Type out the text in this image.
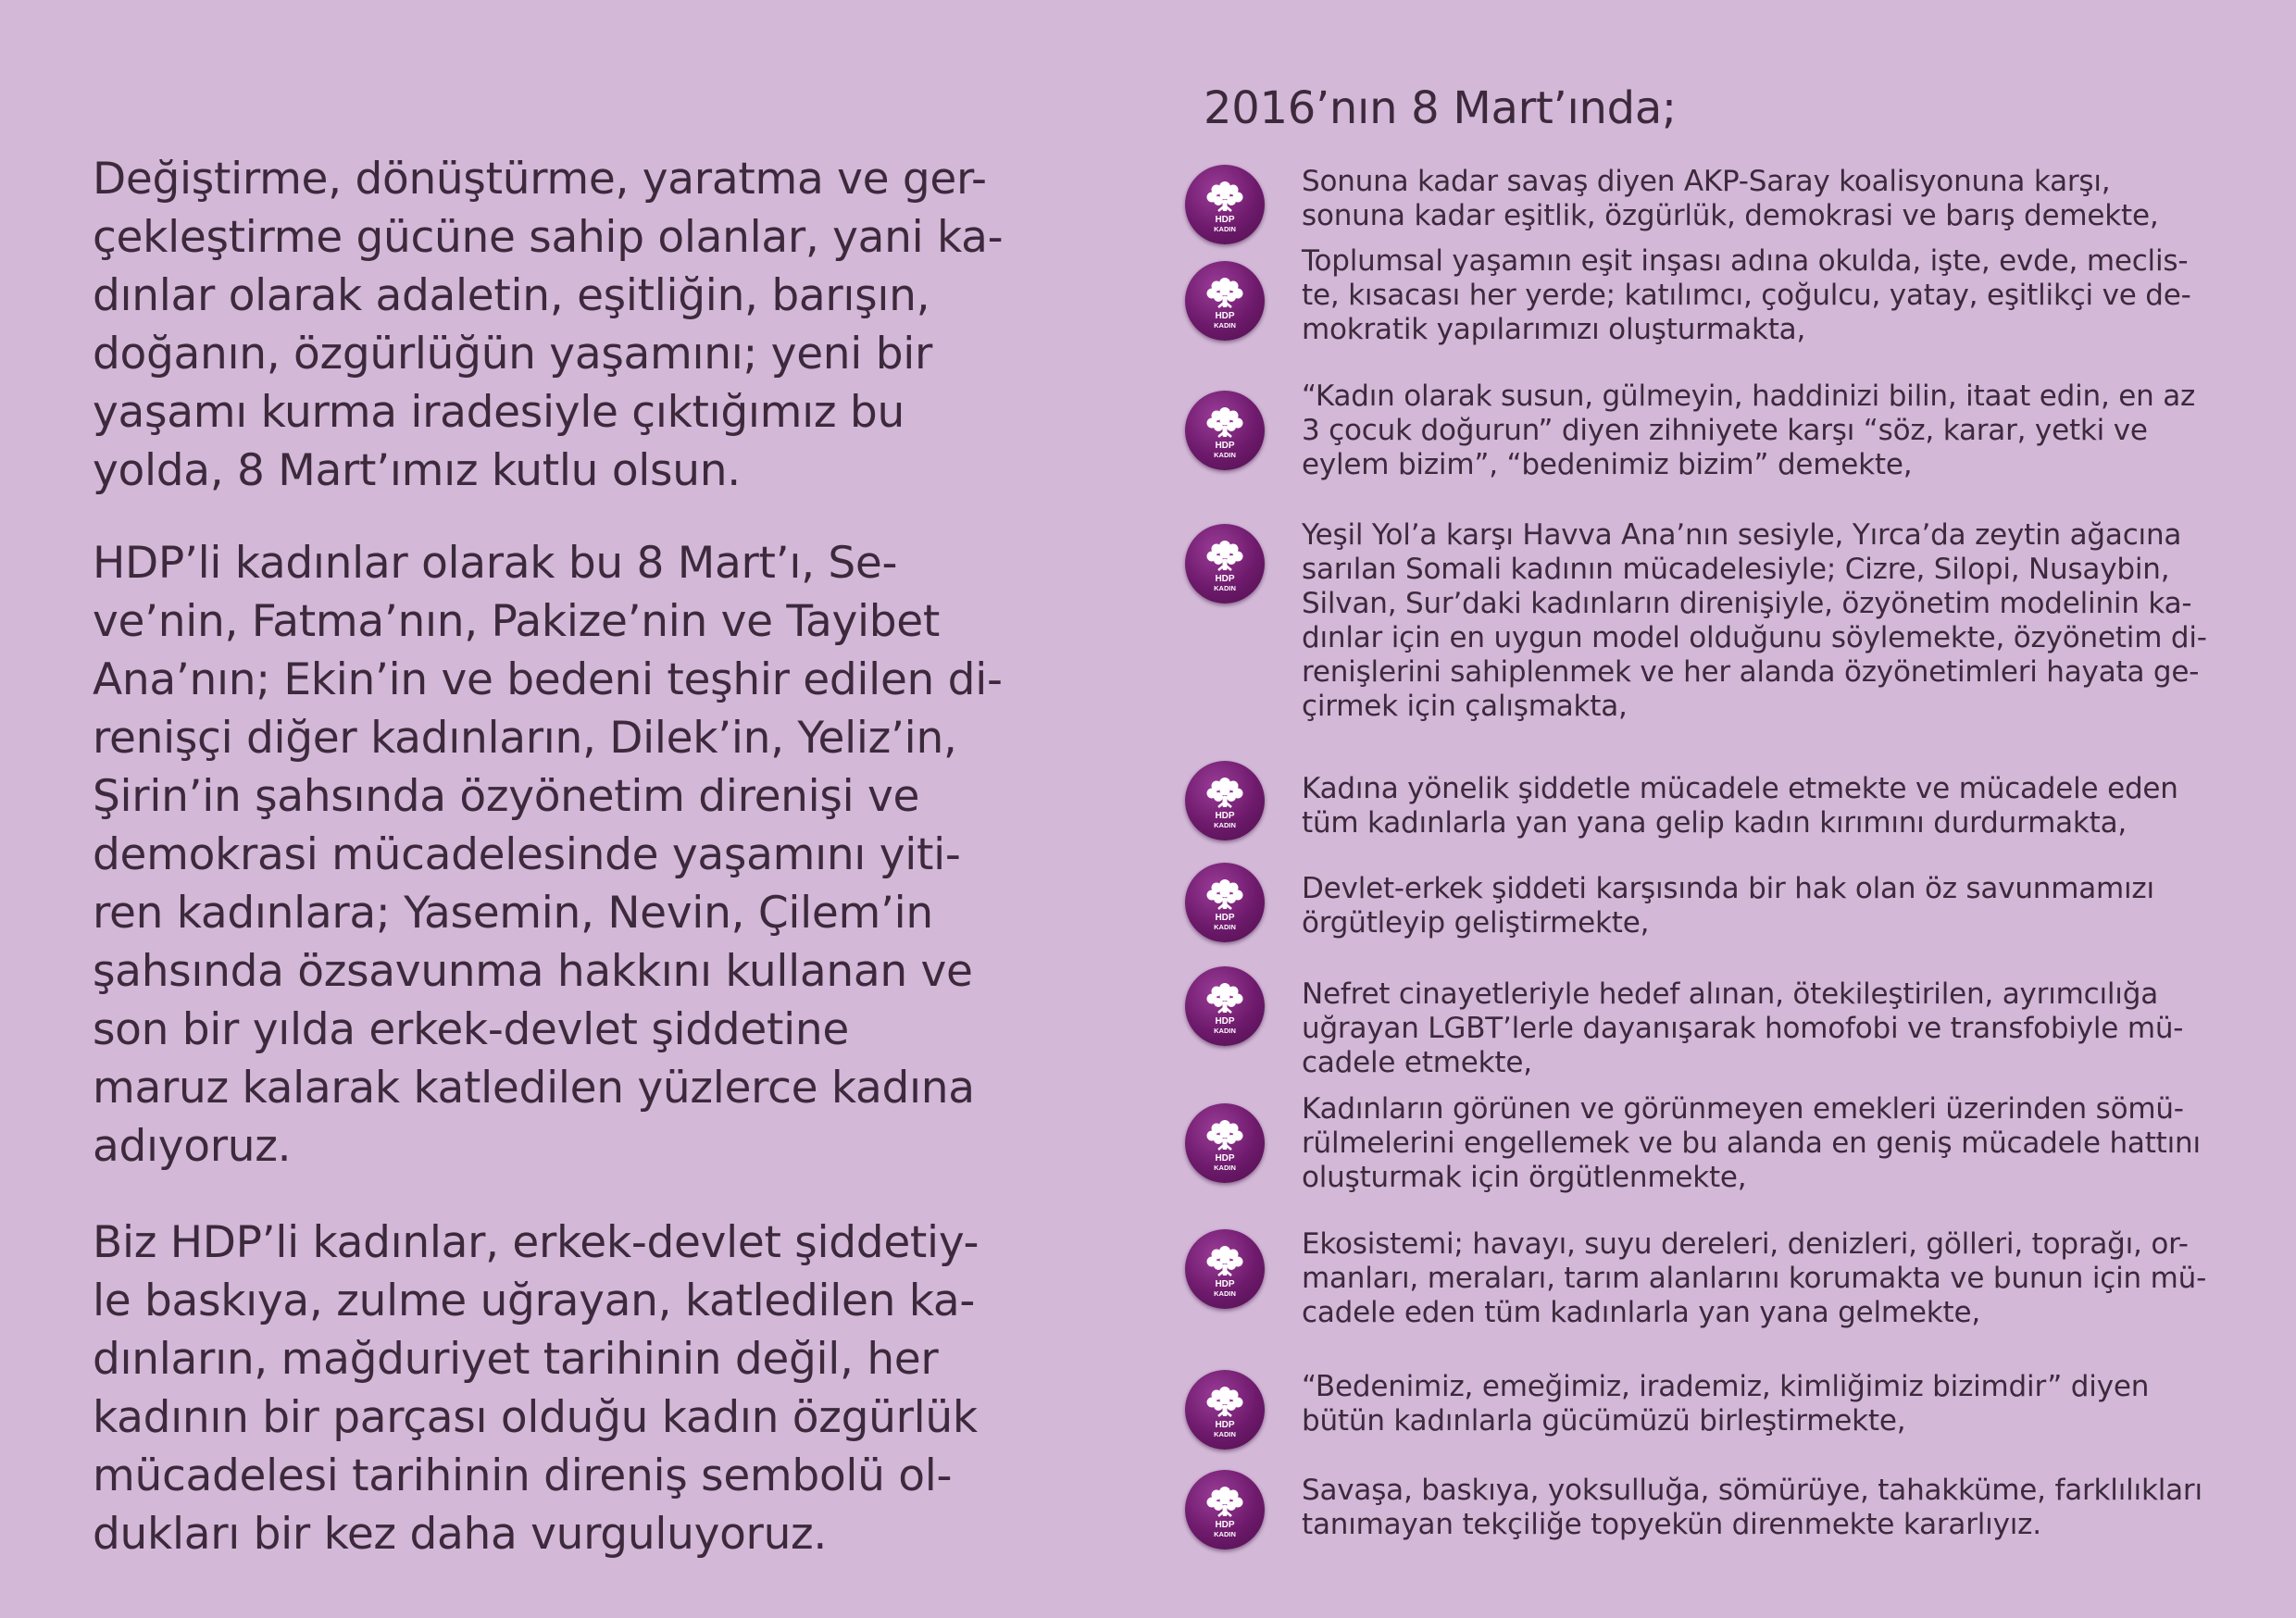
Değiştirme, dönüştürme, yaratma ve ger-
çekleştirme gücüne sahip olanlar, yani ka-
dınlar olarak adaletin, eşitliğin, barışın,
doğanın, özgürlüğün yaşamını; yeni bir
yaşamı kurma iradesiyle çıktığımız bu
yolda, 8 Mart’ımız kutlu olsun.

HDP’li kadınlar olarak bu 8 Mart’ı, Se-
ve’nin, Fatma’nın, Pakize’nin ve Tayibet
Ana’nın; Ekin’in ve bedeni teşhir edilen di-
renişçi diğer kadınların, Dilek’in, Yeliz’in,
Şirin’in şahsında özyönetim direnişi ve
demokrasi mücadelesinde yaşamını yiti-
ren kadınlara; Yasemin, Nevin, Çilem’in
şahsında özsavunma hakkını kullanan ve
son bir yılda erkek-devlet şiddetine
maruz kalarak katledilen yüzlerce kadına
adıyoruz.

Biz HDP’li kadınlar, erkek-devlet şiddetiy-
le baskıya, zulme uğrayan, katledilen ka-
dınların, mağduriyet tarihinin değil, her
kadının bir parçası olduğu kadın özgürlük
mücadelesi tarihinin direniş sembolü ol-
dukları bir kez daha vurguluyoruz.

2016’nın 8 Mart’ında;
HDP
KADIN
Sonuna kadar savaş diyen AKP-Saray koalisyonuna karşı,
sonuna kadar eşitlik, özgürlük, demokrasi ve barış demekte,
HDP
KADIN
Toplumsal yaşamın eşit inşası adına okulda, işte, evde, meclis-
te, kısacası her yerde; katılımcı, çoğulcu, yatay, eşitlikçi ve de-
mokratik yapılarımızı oluşturmakta,
HDP
KADIN
“Kadın olarak susun, gülmeyin, haddinizi bilin, itaat edin, en az
3 çocuk doğurun” diyen zihniyete karşı “söz, karar, yetki ve
eylem bizim”, “bedenimiz bizim” demekte,
HDP
KADIN
Yeşil Yol’a karşı Havva Ana’nın sesiyle, Yırca’da zeytin ağacına
sarılan Somali kadının mücadelesiyle; Cizre, Silopi, Nusaybin,
Silvan, Sur’daki kadınların direnişiyle, özyönetim modelinin ka-
dınlar için en uygun model olduğunu söylemekte, özyönetim di-
renişlerini sahiplenmek ve her alanda özyönetimleri hayata ge-
çirmek için çalışmakta,
HDP
KADIN
Kadına yönelik şiddetle mücadele etmekte ve mücadele eden
tüm kadınlarla yan yana gelip kadın kırımını durdurmakta,
HDP
KADIN
Devlet-erkek şiddeti karşısında bir hak olan öz savunmamızı
örgütleyip geliştirmekte,
HDP
KADIN
Nefret cinayetleriyle hedef alınan, ötekileştirilen, ayrımcılığa
uğrayan LGBT’lerle dayanışarak homofobi ve transfobiyle mü-
cadele etmekte,
HDP
KADIN
Kadınların görünen ve görünmeyen emekleri üzerinden sömü-
rülmelerini engellemek ve bu alanda en geniş mücadele hattını
oluşturmak için örgütlenmekte,
HDP
KADIN
Ekosistemi; havayı, suyu dereleri, denizleri, gölleri, toprağı, or-
manları, meraları, tarım alanlarını korumakta ve bunun için mü-
cadele eden tüm kadınlarla yan yana gelmekte,
HDP
KADIN
“Bedenimiz, emeğimiz, irademiz, kimliğimiz bizimdir” diyen
bütün kadınlarla gücümüzü birleştirmekte,
HDP
KADIN
Savaşa, baskıya, yoksulluğa, sömürüye, tahakküme, farklılıkları
tanımayan tekçiliğe topyekün direnmekte kararlıyız.
